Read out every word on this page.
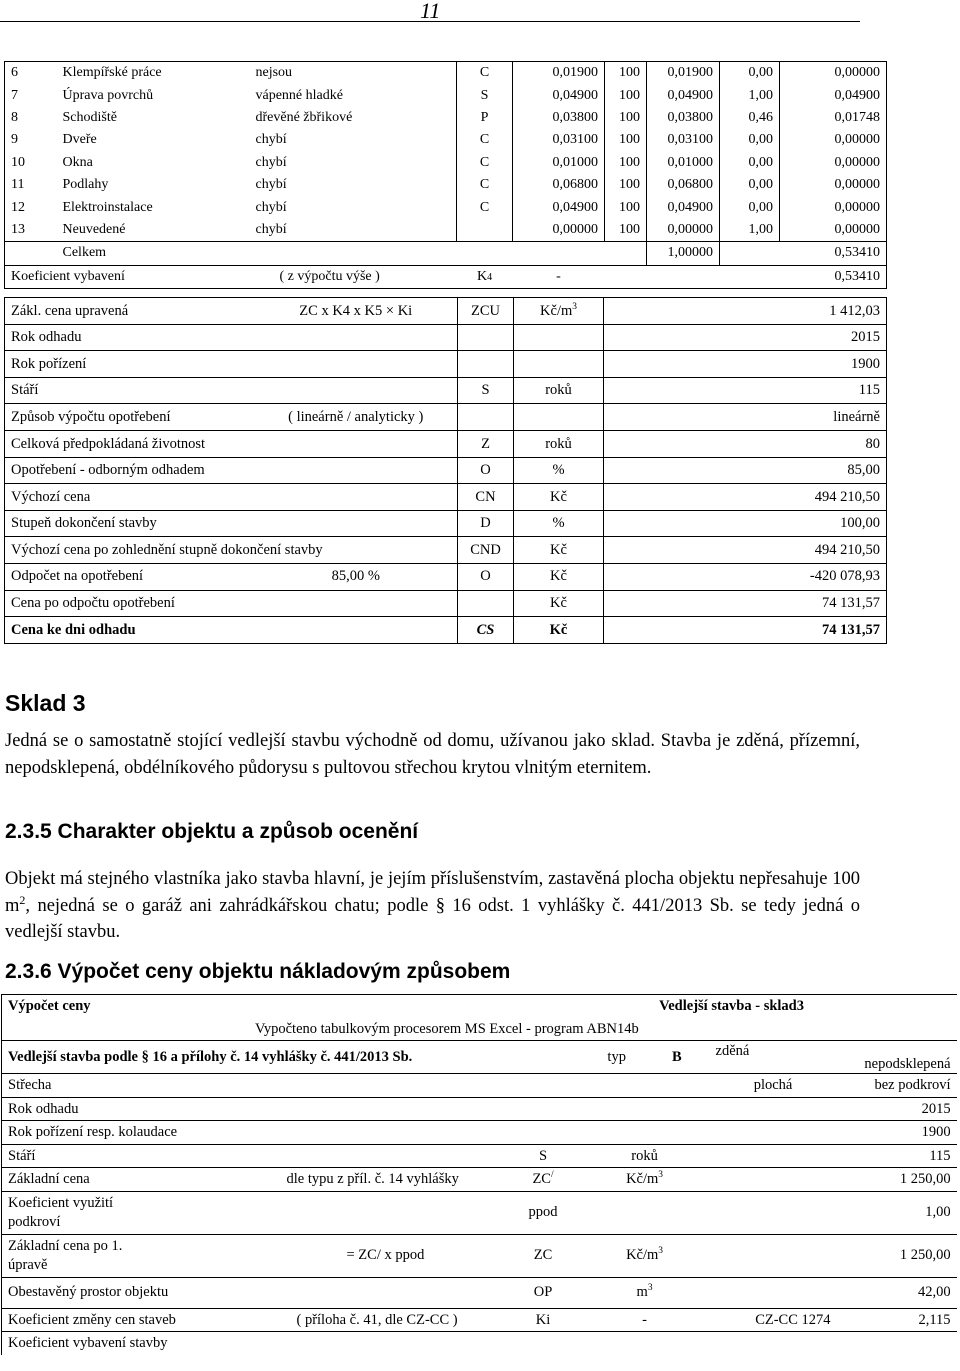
11
6	Klempířské práce	nejsou	C	0,01900	100	0,01900	0,00	0,00000
7	Úprava povrchů	vápenné hladké	S	0,04900	100	0,04900	1,00	0,04900
8	Schodiště	dřevěné žbřikové	P	0,03800	100	0,03800	0,46	0,01748
9	Dveře	chybí	C	0,03100	100	0,03100	0,00	0,00000
10	Okna	chybí	C	0,01000	100	0,01000	0,00	0,00000
11	Podlahy	chybí	C	0,06800	100	0,06800	0,00	0,00000
12	Elektroinstalace	chybí	C	0,04900	100	0,04900	0,00	0,00000
13	Neuvedené	chybí		0,00000	100	0,00000	1,00	0,00000
	Celkem					1,00000		0,53410
Koeficient vybavení		( z výpočtu výše )	K4	-				0,53410
Zákl. cena upravená	ZC x K4 x K5 × Ki	ZCU	$Kč/m^3$	1 412,03
Rok odhadu				2015
Rok pořízení				1900
Stáří		S	roků	115
Způsob výpočtu opotřebení	( lineárně / analyticky )			lineárně
Celková předpokládaná životnost		Z	roků	80
Opotřebení - odborným odhadem		O	%	85,00
Výchozí cena		CN	Kč	494 210,50
Stupeň dokončení stavby		D	%	100,00
Výchozí cena po zohlednění stupně dokončení stavby		CND	Kč	494 210,50
Odpočet na opotřebení	85,00 %	O	Kč	-420 078,93
Cena po odpočtu opotřebení			Kč	74 131,57
Cena ke dni odhadu		CS	Kč	74 131,57
Sklad 3
Jedná se o samostatně stojící vedlejší stavbu východně od domu, užívanou jako sklad. Stavba je zděná, přízemní, nepodsklepená, obdélníkového půdorysu s pultovou střechou krytou vlnitým eternitem.
2.3.5 Charakter objektu a způsob ocenění
Objekt má stejného vlastníka jako stavba hlavní, je jejím příslušenstvím, zastavěná plocha objektu nepřesahuje 100 $m^2$, nejedná se o garáž ani zahrádkářskou chatu; podle § 16 odst. 1 vyhlášky č. 441/2013 Sb. se tedy jedná o vedlejší stavbu.
2.3.6 Výpočet ceny objektu nákladovým způsobem
Výpočet ceny			Vedlejší stavba - sklad3			
Vypočteno tabulkovým procesorem MS Excel - program ABN14b						
Vedlejší stavba podle § 16 a přílohy č. 14 vyhlášky č. 441/2013 Sb.				typ B	zděná	nepodsklepená
Střecha					plochá	bez podkroví
Rok odhadu						2015
Rok pořízení resp. kolaudace						1900
Stáří			S	roků		115
Základní cena		dle typu z příl. č. 14 vyhlášky	ZC/	$Kč/m^3$		1 250,00
Koeficient využití
podkroví			ppod			1,00
Základní cena po 1.
úpravě		= ZC/ x ppod	ZC	$Kč/m^3$		1 250,00
Obestavěný prostor objektu			OP	$m^3$		42,00
Koeficient změny cen staveb		( příloha č. 41, dle CZ-CC )	Ki	-	CZ-CC 1274	2,115
Koeficient vybavení stavby						
